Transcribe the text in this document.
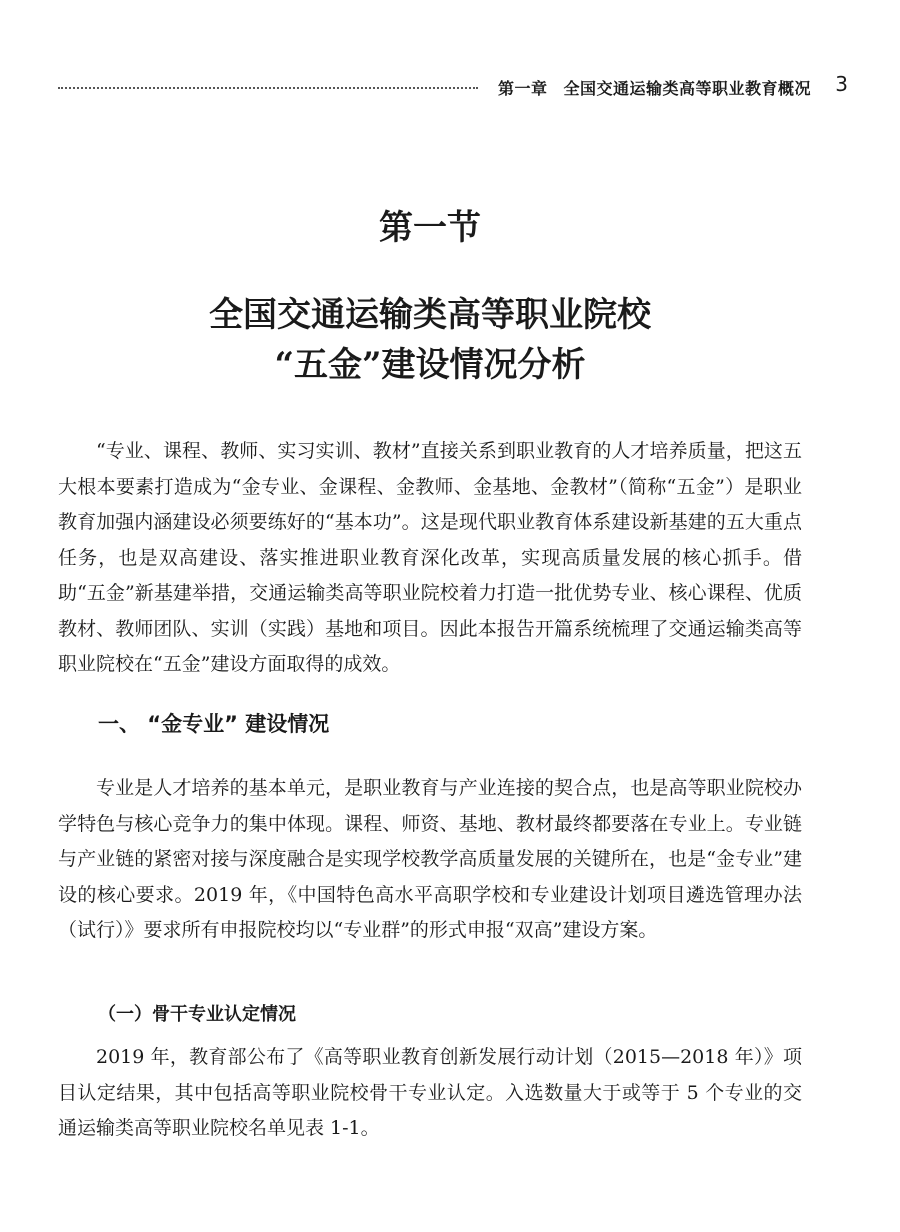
第一章 全国交通运输类高等职业教育概况 3
第一节
全国交通运输类高等职业院校
“五金”建设情况分析

“专业、课程、教师、实习实训、教材”直接关系到职业教育的人才培养质量，把这五大根本要素打造成为“金专业、金课程、金教师、金基地、金教材”（简称“五金”）是职业教育加强内涵建设必须要练好的“基本功”。这是现代职业教育体系建设新基建的五大重点任务，也是双高建设、落实推进职业教育深化改革，实现高质量发展的核心抓手。借助“五金”新基建举措，交通运输类高等职业院校着力打造一批优势专业、核心课程、优质教材、教师团队、实训（实践）基地和项目。因此本报告开篇系统梳理了交通运输类高等职业院校在“五金”建设方面取得的成效。

一、 “金专业” 建设情况

专业是人才培养的基本单元，是职业教育与产业连接的契合点，也是高等职业院校办学特色与核心竞争力的集中体现。课程、师资、基地、教材最终都要落在专业上。专业链与产业链的紧密对接与深度融合是实现学校教学高质量发展的关键所在，也是“金专业”建设的核心要求。2019 年，《中国特色高水平高职学校和专业建设计划项目遴选管理办法（试行）》要求所有申报院校均以“专业群”的形式申报“双高”建设方案。

（一）骨干专业认定情况

2019 年，教育部公布了《高等职业教育创新发展行动计划（2015—2018 年）》项目认定结果，其中包括高等职业院校骨干专业认定。入选数量大于或等于 5 个专业的交通运输类高等职业院校名单见表 1-1。
